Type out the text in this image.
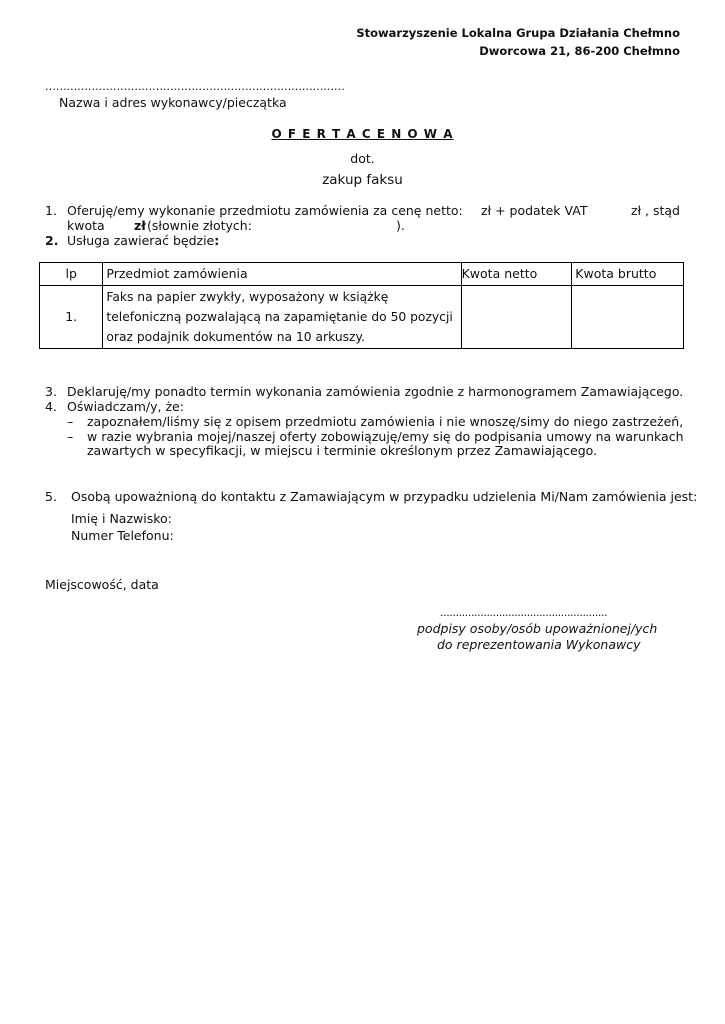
Stowarzyszenie Lokalna Grupa Działania Chełmno
Dworcowa 21, 86-200 Chełmno
…………………………………………………………………………
Nazwa i adres wykonawcy/pieczątka
O F E R T A C E N O W A
dot.
zakup faksu
1. Oferuję/emy wykonanie przedmiotu zamówienia za cenę netto: zł + podatek VAT	zł , stąd
kwota zł (słownie złotych:	).
2. Usługa zawierać będzie:
lp	Przedmiot zamówienia	Kwota netto	Kwota brutto
1.	Faks na papier zwykły, wyposażony w książkę telefoniczną pozwalającą na zapamiętanie do 50 pozycji oraz podajnik dokumentów na 10 arkuszy.		
3. Deklaruję/my ponadto termin wykonania zamówienia zgodnie z harmonogramem Zamawiającego.
4. Oświadczam/y, że:
– zapoznałem/liśmy się z opisem przedmiotu zamówienia i nie wnoszę/simy do niego zastrzeżeń,
– w razie wybrania mojej/naszej oferty zobowiązuję/emy się do podpisania umowy na warunkach
zawartych w specyfikacji, w miejscu i terminie określonym przez Zamawiającego.
5.	Osobą upoważnioną do kontaktu z Zamawiającym w przypadku udzielenia Mi/Nam zamówienia jest:
Imię i Nazwisko:
Numer Telefonu:
Miejscowość, data
......................................................
podpisy osoby/osób upoważnionej/ych
do reprezentowania Wykonawcy
